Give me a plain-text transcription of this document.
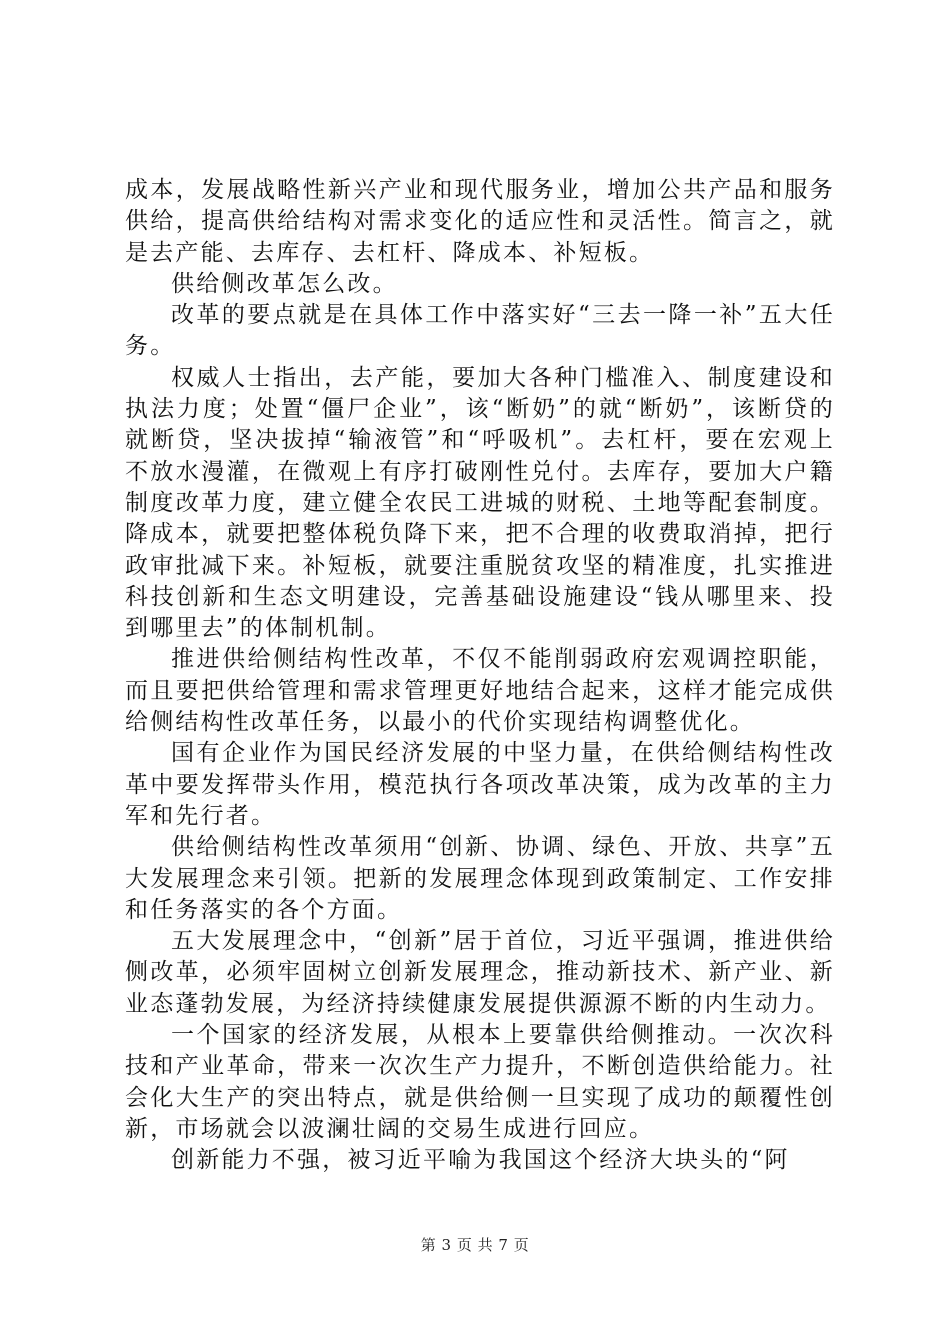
成本，发展战略性新兴产业和现代服务业，增加公共产品和服务供给，提高供给结构对需求变化的适应性和灵活性。简言之，就是去产能、去库存、去杠杆、降成本、补短板。

供给侧改革怎么改。

改革的要点就是在具体工作中落实好“三去一降一补”五大任务。

权威人士指出，去产能，要加大各种门槛准入、制度建设和执法力度；处置“僵尸企业”，该“断奶”的就“断奶”，该断贷的就断贷，坚决拔掉“输液管”和“呼吸机”。去杠杆，要在宏观上不放水漫灌，在微观上有序打破刚性兑付。去库存，要加大户籍制度改革力度，建立健全农民工进城的财税、土地等配套制度。降成本，就要把整体税负降下来，把不合理的收费取消掉，把行政审批减下来。补短板，就要注重脱贫攻坚的精准度，扎实推进科技创新和生态文明建设，完善基础设施建设“钱从哪里来、投到哪里去”的体制机制。

推进供给侧结构性改革，不仅不能削弱政府宏观调控职能，而且要把供给管理和需求管理更好地结合起来，这样才能完成供给侧结构性改革任务，以最小的代价实现结构调整优化。

国有企业作为国民经济发展的中坚力量，在供给侧结构性改革中要发挥带头作用，模范执行各项改革决策，成为改革的主力军和先行者。

供给侧结构性改革须用“创新、协调、绿色、开放、共享”五大发展理念来引领。把新的发展理念体现到政策制定、工作安排和任务落实的各个方面。

五大发展理念中，“创新”居于首位，习近平强调，推进供给侧改革，必须牢固树立创新发展理念，推动新技术、新产业、新业态蓬勃发展，为经济持续健康发展提供源源不断的内生动力。

一个国家的经济发展，从根本上要靠供给侧推动。一次次科技和产业革命，带来一次次生产力提升，不断创造供给能力。社会化大生产的突出特点，就是供给侧一旦实现了成功的颠覆性创新，市场就会以波澜壮阔的交易生成进行回应。

创新能力不强，被习近平喻为我国这个经济大块头的“阿

第 3 页 共 7 页
